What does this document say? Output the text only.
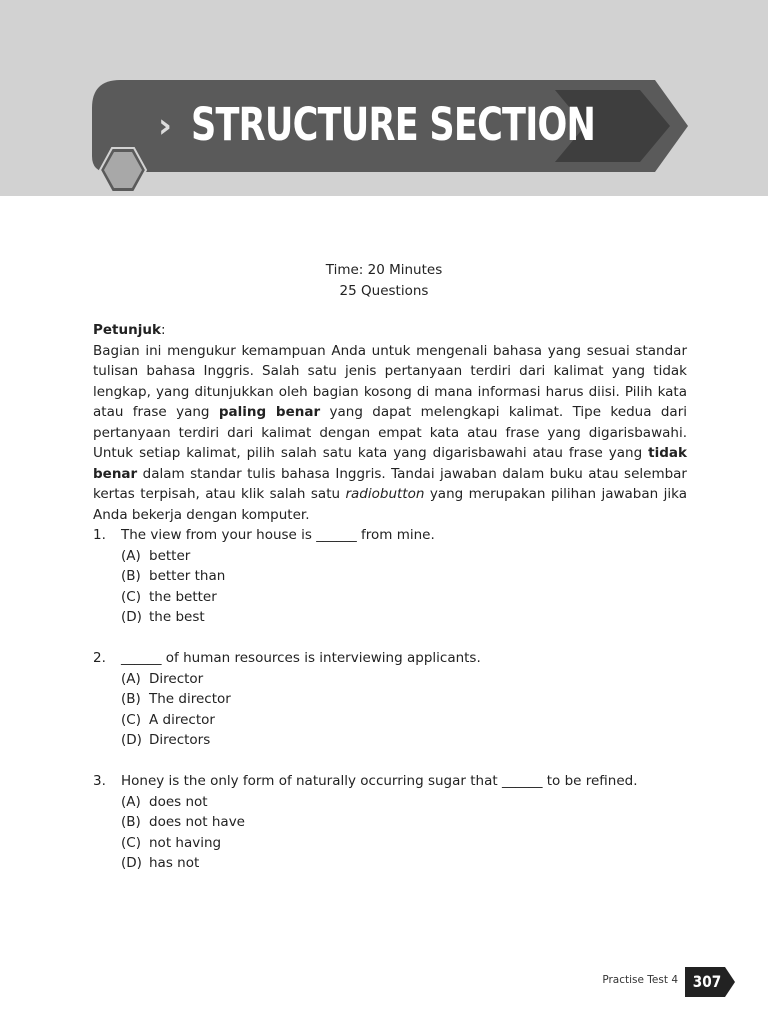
› STRUCTURE SECTION
Time: 20 Minutes
25 Questions
Petunjuk:
Bagian ini mengukur kemampuan Anda untuk mengenali bahasa yang sesuai standar tulisan bahasa Inggris. Salah satu jenis pertanyaan terdiri dari kalimat yang tidak lengkap, yang ditunjukkan oleh bagian kosong di mana informasi harus diisi. Pilih kata atau frase yang paling benar yang dapat melengkapi kalimat. Tipe kedua dari pertanyaan terdiri dari kalimat dengan empat kata atau frase yang digarisbawahi. Untuk setiap kalimat, pilih salah satu kata yang digarisbawahi atau frase yang tidak benar dalam standar tulis bahasa Inggris. Tandai jawaban dalam buku atau selembar kertas terpisah, atau klik salah satu radiobutton yang merupakan pilihan jawaban jika Anda bekerja dengan komputer.
1. The view from your house is ______ from mine.
(A) better
(B) better than
(C) the better
(D) the best
2. ______ of human resources is interviewing applicants.
(A) Director
(B) The director
(C) A director
(D) Directors
3. Honey is the only form of naturally occurring sugar that ______ to be refined.
(A) does not
(B) does not have
(C) not having
(D) has not
Practise Test 4 307
